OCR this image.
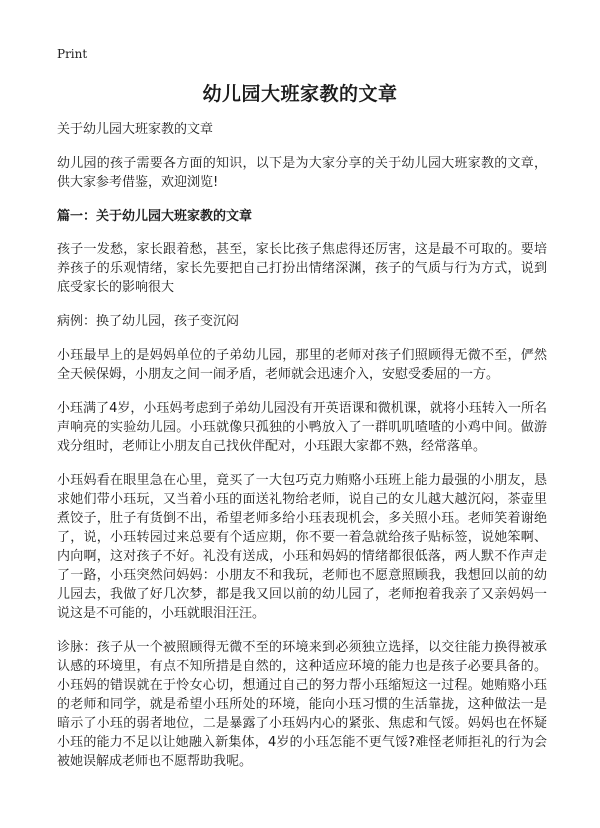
Print
幼儿园大班家教的文章

关于幼儿园大班家教的文章

幼儿园的孩子需要各方面的知识，以下是为大家分享的关于幼儿园大班家教的文章，供大家参考借鉴，欢迎浏览!

篇一：关于幼儿园大班家教的文章

孩子一发愁，家长跟着愁，甚至，家长比孩子焦虑得还厉害，这是最不可取的。要培养孩子的乐观情绪，家长先要把自己打扮出情绪深渊，孩子的气质与行为方式，说到底受家长的影响很大

病例：换了幼儿园，孩子变沉闷

小珏最早上的是妈妈单位的子弟幼儿园，那里的老师对孩子们照顾得无微不至，俨然全天候保姆，小朋友之间一闹矛盾，老师就会迅速介入，安慰受委屈的一方。

小珏满了4岁，小珏妈考虑到子弟幼儿园没有开英语课和微机课，就将小珏转入一所名声响亮的实验幼儿园。小珏就像只孤独的小鸭放入了一群叽叽喳喳的小鸡中间。做游戏分组时，老师让小朋友自己找伙伴配对，小珏跟大家都不熟，经常落单。

小珏妈看在眼里急在心里，竟买了一大包巧克力贿赂小珏班上能力最强的小朋友，恳求她们带小珏玩，又当着小珏的面送礼物给老师，说自己的女儿越大越沉闷，茶壶里煮饺子，肚子有货倒不出，希望老师多给小珏表现机会，多关照小珏。老师笑着谢绝了，说，小珏转园过来总要有个适应期，你不要一着急就给孩子贴标签，说她笨啊、内向啊，这对孩子不好。礼没有送成，小珏和妈妈的情绪都很低落，两人默不作声走了一路，小珏突然问妈妈：小朋友不和我玩，老师也不愿意照顾我，我想回以前的幼儿园去，我做了好几次梦，都是我又回以前的幼儿园了，老师抱着我亲了又亲妈妈一说这是不可能的，小珏就眼泪汪汪。

诊脉：孩子从一个被照顾得无微不至的环境来到必须独立选择，以交往能力换得被承认感的环境里，有点不知所措是自然的，这种适应环境的能力也是孩子必要具备的。小珏妈的错误就在于怜女心切，想通过自己的努力帮小珏缩短这一过程。她贿赂小珏的老师和同学，就是希望小珏所处的环境，能向小珏习惯的生活靠拢，这种做法一是暗示了小珏的弱者地位，二是暴露了小珏妈内心的紧张、焦虑和气馁。妈妈也在怀疑小珏的能力不足以让她融入新集体，4岁的小珏怎能不更气馁?难怪老师拒礼的行为会被她误解成老师也不愿帮助我呢。
